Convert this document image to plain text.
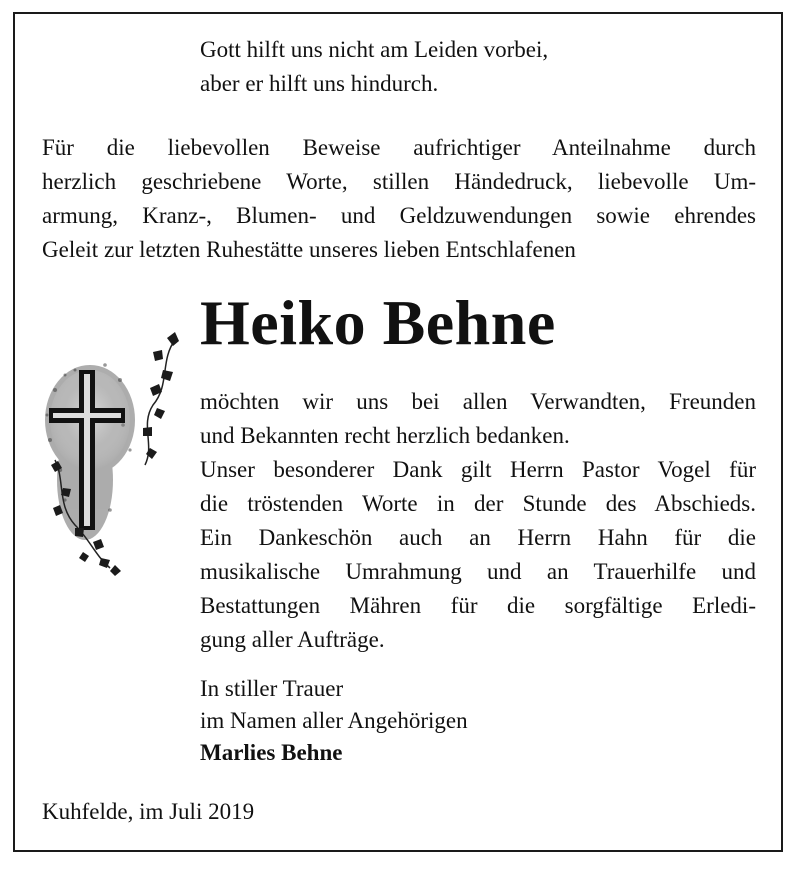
Gott hilft uns nicht am Leiden vorbei,
aber er hilft uns hindurch.
Für die liebevollen Beweise aufrichtiger Anteilnahme durch
herzlich geschriebene Worte, stillen Händedruck, liebevolle Um-
armung, Kranz-, Blumen- und Geldzuwendungen sowie ehrendes
Geleit zur letzten Ruhestätte unseres lieben Entschlafenen
Heiko Behne
möchten wir uns bei allen Verwandten, Freunden
und Bekannten recht herzlich bedanken.
Unser besonderer Dank gilt Herrn Pastor Vogel für
die tröstenden Worte in der Stunde des Abschieds.
Ein Dankeschön auch an Herrn Hahn für die
musikalische Umrahmung und an Trauerhilfe und
Bestattungen Mähren für die sorgfältige Erledi-
gung aller Aufträge.
In stiller Trauer
im Namen aller Angehörigen
Marlies Behne
Kuhfelde, im Juli 2019
